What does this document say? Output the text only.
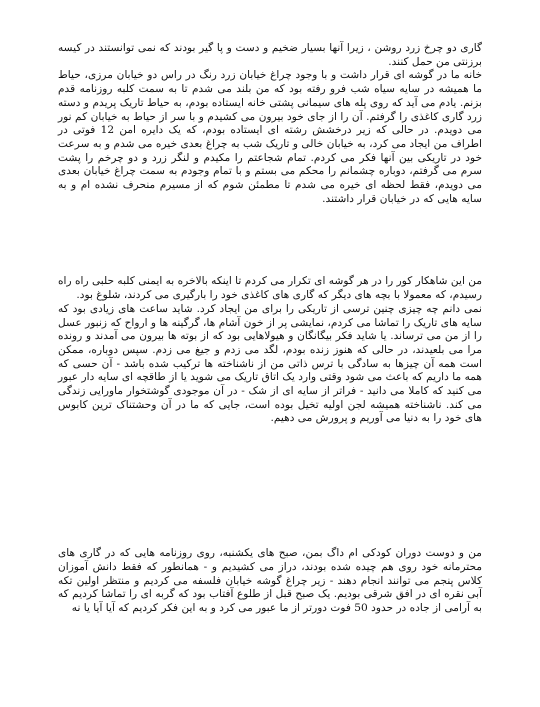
گاری دو چرخ زرد روشن ، زیرا آنها بسیار ضخیم و دست و پا گیر بودند که نمی توانستند در کیسه برزنتی من حمل کنند.

خانه ما در گوشه ای قرار داشت و با وجود چراغ خیابان زرد رنگ در راس دو خیابان مرزی، حیاط ما همیشه در سایه سیاه شب فرو رفته بود که من بلند می شدم تا به سمت کلبه روزنامه قدم بزنم. یادم می آید که روی پله های سیمانی پشتی خانه ایستاده بودم، به حیاط تاریک پریدم و دسته زرد گاری کاغذی را گرفتم. آن را از جای خود بیرون می کشیدم و با سر از حیاط به خیابان کم نور می دویدم. در حالی که زیر درخشش رشته ای ایستاده بودم، که یک دایره امن 12 فوتی در اطراف من ایجاد می کرد، به خیابان خالی و تاریک شب به چراغ بعدی خیره می شدم و به سرعت خود در تاریکی بین آنها فکر می کردم. تمام شجاعتم را مکیدم و لنگر زرد و دو چرخم را پشت سرم می گرفتم، دوباره چشمانم را محکم می بستم و با تمام وجودم به سمت چراغ خیابان بعدی می دویدم، فقط لحظه ای خیره می شدم تا مطمئن شوم که از مسیرم منحرف نشده ام و به سایه هایی که در خیابان قرار داشتند.

من این شاهکار کور را در هر گوشه ای تکرار می کردم تا اینکه بالاخره به ایمنی کلبه حلبی راه راه رسیدم، که معمولا با بچه های دیگر که گاری های کاغذی خود را بارگیری می کردند، شلوغ بود.

نمی دانم چه چیزی چنین ترسی از تاریکی را برای من ایجاد کرد. شاید ساعت های زیادی بود که سایه های تاریک را تماشا می کردم، نمایشی پر از خون آشام ها، گرگینه ها و ارواح که زنبور عسل را از من می ترساند. یا شاید فکر بیگانگان و هیولاهایی بود که از بوته ها بیرون می آمدند و رونده مرا می بلعیدند، در حالی که هنوز زنده بودم، لگد می زدم و جیغ می زدم. سپس دوباره، ممکن است همه آن چیزها به سادگی با ترس ذاتی من از ناشناخته ها ترکیب شده باشد - آن حسی که همه ما داریم که باعث می شود وقتی وارد یک اتاق تاریک می شوید یا از طاقچه ای سایه دار عبور می کنید که کاملا می دانید - فراتر از سایه ای از شک - در آن موجودی گوشتخوار ماورایی زندگی می کند. ناشناخته همیشه لجن اولیه تخیل بوده است، جایی که ما در آن وحشتناک ترین کابوس های خود را به دنیا می آوریم و پرورش می دهیم.

من و دوست دوران کودکی ام داگ بمن، صبح های یکشنبه، روی روزنامه هایی که در گاری های محترمانه خود روی هم چیده شده بودند، دراز می کشیدیم و - همانطور که فقط دانش آموزان کلاس پنجم می توانند انجام دهند - زیر چراغ گوشه خیابان فلسفه می کردیم و منتظر اولین تکه آبی نقره ای در افق شرقی بودیم. یک صبح قبل از طلوع آفتاب بود که گربه ای را تماشا کردیم که به آرامی از جاده در حدود 50 فوت دورتر از ما عبور می کرد و به این فکر کردیم که آیا آیا یا نه
